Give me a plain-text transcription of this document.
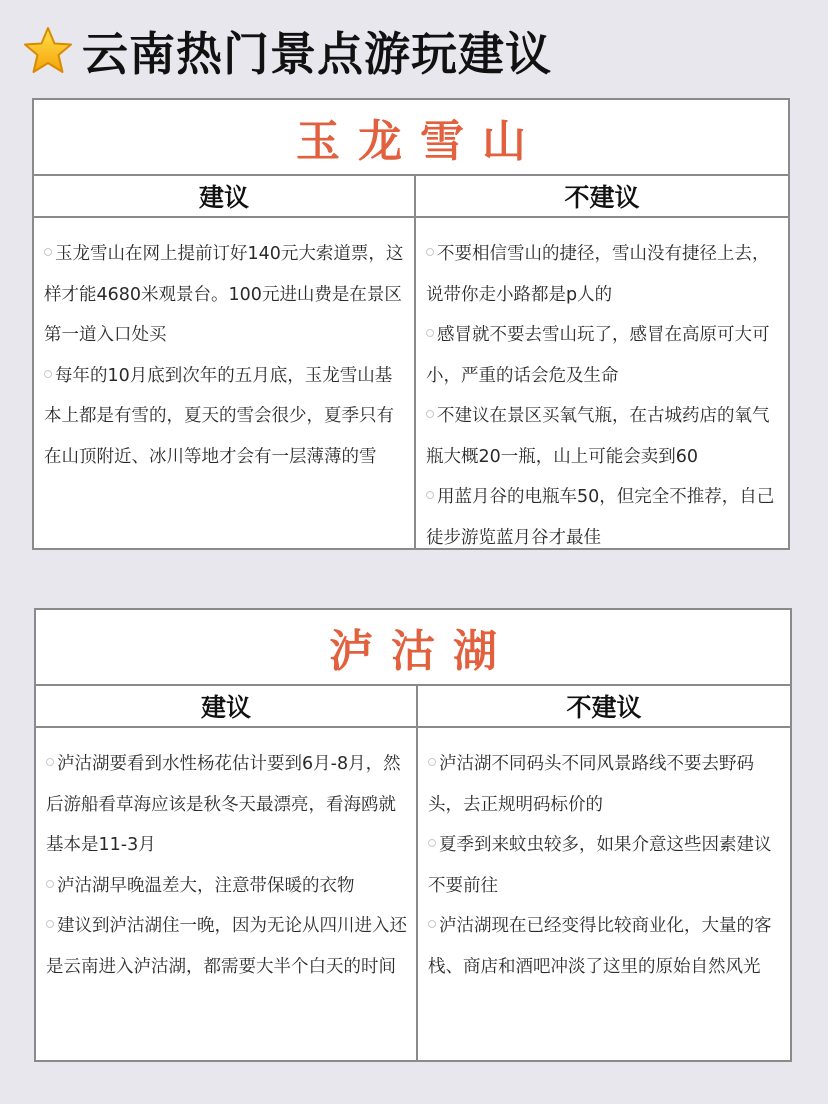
云南热门景点游玩建议
玉龙雪山
建议	不建议

玉龙雪山在网上提前订好140元大索道票，这样才能4680米观景台。100元进山费是在景区第一道入口处买

每年的10月底到次年的五月底，玉龙雪山基本上都是有雪的，夏天的雪会很少，夏季只有在山顶附近、冰川等地才会有一层薄薄的雪

不要相信雪山的捷径，雪山没有捷径上去，说带你走小路都是p人的

感冒就不要去雪山玩了，感冒在高原可大可小，严重的话会危及生命

不建议在景区买氧气瓶，在古城药店的氧气瓶大概20一瓶，山上可能会卖到60

用蓝月谷的电瓶车50，但完全不推荐，自己徒步游览蓝月谷才最佳

泸沽湖
建议	不建议

泸沽湖要看到水性杨花估计要到6月-8月，然后游船看草海应该是秋冬天最漂亮，看海鸥就基本是11-3月

泸沽湖早晚温差大，注意带保暖的衣物

建议到泸沽湖住一晚，因为无论从四川进入还是云南进入泸沽湖，都需要大半个白天的时间

泸沽湖不同码头不同风景路线不要去野码头，去正规明码标价的

夏季到来蚊虫较多，如果介意这些因素建议不要前往

泸沽湖现在已经变得比较商业化，大量的客栈、商店和酒吧冲淡了这里的原始自然风光
